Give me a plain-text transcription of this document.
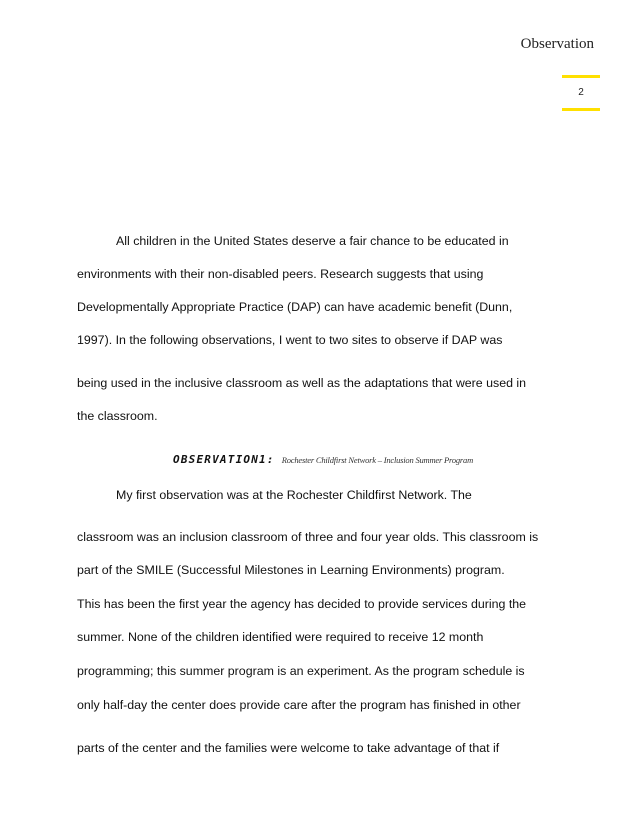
Observation
2
All children in the United States deserve a fair chance to be educated in
environments with their non-disabled peers. Research suggests that using
Developmentally Appropriate Practice (DAP) can have academic benefit (Dunn,
1997). In the following observations, I went to two sites to observe if DAP was
being used in the inclusive classroom as well as the adaptations that were used in
the classroom.
OBSERVATION1: Rochester Childfirst Network – Inclusion Summer Program
My first observation was at the Rochester Childfirst Network. The
classroom was an inclusion classroom of three and four year olds. This classroom is
part of the SMILE (Successful Milestones in Learning Environments) program.
This has been the first year the agency has decided to provide services during the
summer. None of the children identified were required to receive 12 month
programming; this summer program is an experiment. As the program schedule is
only half-day the center does provide care after the program has finished in other
parts of the center and the families were welcome to take advantage of that if
